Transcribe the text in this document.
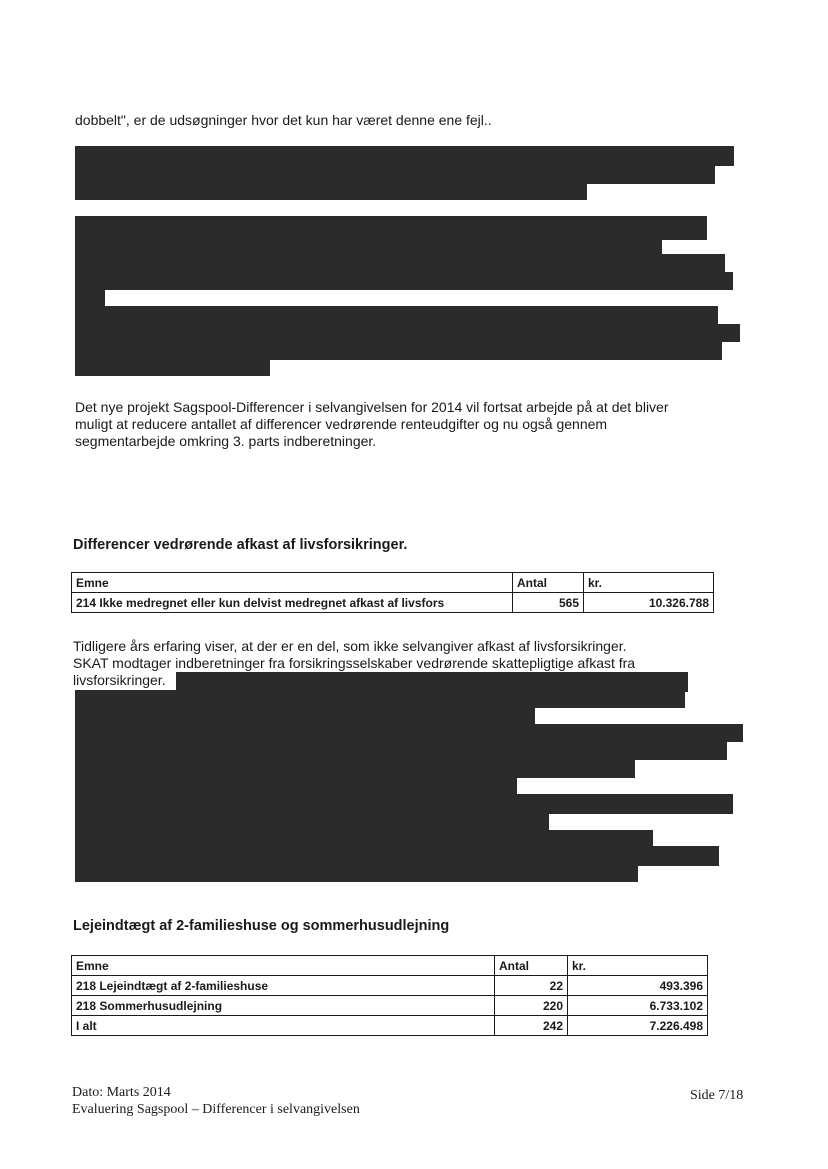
dobbelt", er de udsøgninger hvor det kun har været denne ene fejl..
Det nye projekt Sagspool-Differencer i selvangivelsen for 2014 vil fortsat arbejde på at det bliver
muligt at reducere antallet af differencer vedrørende renteudgifter og nu også gennem
segmentarbejde omkring 3. parts indberetninger.
Differencer vedrørende afkast af livsforsikringer.
Emne	Antal	kr.
214 Ikke medregnet eller kun delvist medregnet afkast af livsfors	565	10.326.788
Tidligere års erfaring viser, at der er en del, som ikke selvangiver afkast af livsforsikringer.
SKAT modtager indberetninger fra forsikringsselskaber vedrørende skattepligtige afkast fra
livsforsikringer.
Lejeindtægt af 2-familieshuse og sommerhusudlejning
Emne	Antal	kr.
218 Lejeindtægt af 2-familieshuse	22	493.396
218 Sommerhusudlejning	220	6.733.102
I alt	242	7.226.498
Dato: Marts 2014
Evaluering Sagspool – Differencer i selvangivelsen
Side 7/18
